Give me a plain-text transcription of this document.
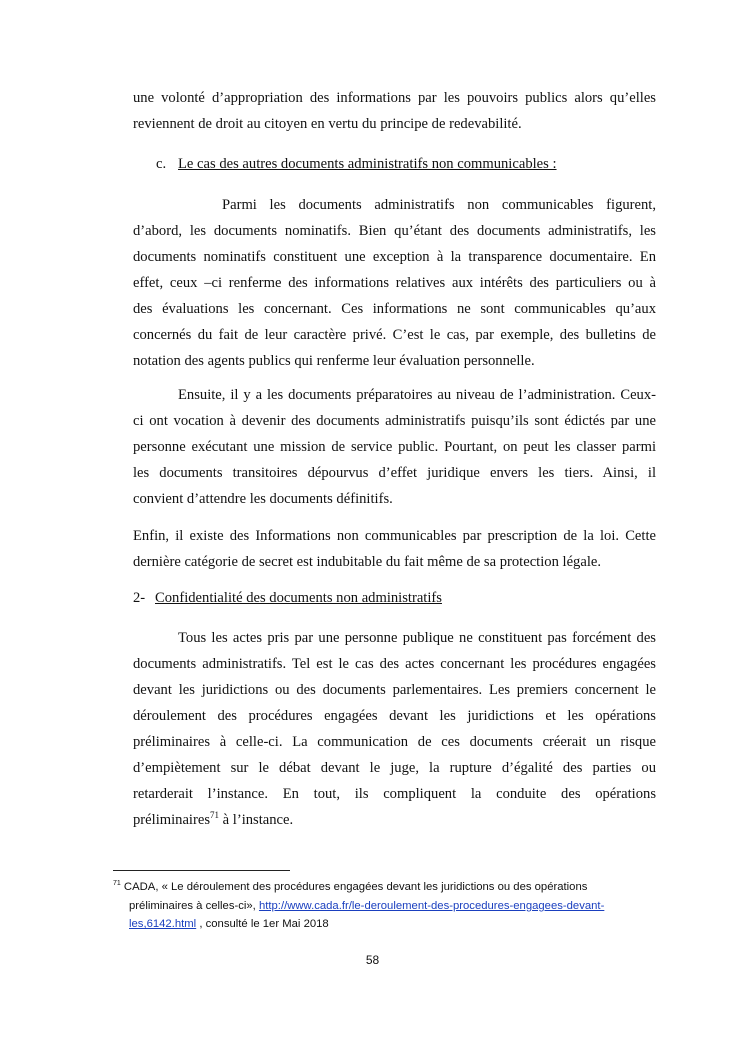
une volonté d’appropriation des informations par les pouvoirs publics alors qu’elles
reviennent de droit au citoyen en vertu du principe de redevabilité.
c. Le cas des autres documents administratifs non communicables :
Parmi les documents administratifs non communicables figurent,
d’abord, les documents nominatifs. Bien qu’étant des documents administratifs, les
documents nominatifs constituent une exception à la transparence documentaire. En
effet, ceux –ci renferme des informations relatives aux intérêts des particuliers ou à
des évaluations les concernant. Ces informations ne sont communicables qu’aux
concernés du fait de leur caractère privé. C’est le cas, par exemple, des bulletins de
notation des agents publics qui renferme leur évaluation personnelle.
Ensuite, il y a les documents préparatoires au niveau de l’administration. Ceux-
ci ont vocation à devenir des documents administratifs puisqu’ils sont édictés par une
personne exécutant une mission de service public. Pourtant, on peut les classer parmi
les documents transitoires dépourvus d’effet juridique envers les tiers. Ainsi, il
convient d’attendre les documents définitifs.
Enfin, il existe des Informations non communicables par prescription de la loi. Cette
dernière catégorie de secret est indubitable du fait même de sa protection légale.
2- Confidentialité des documents non administratifs
Tous les actes pris par une personne publique ne constituent pas forcément des
documents administratifs. Tel est le cas des actes concernant les procédures engagées
devant les juridictions ou des documents parlementaires. Les premiers concernent le
déroulement des procédures engagées devant les juridictions et les opérations
préliminaires à celle-ci. La communication de ces documents créerait un risque
d’empiètement sur le débat devant le juge, la rupture d’égalité des parties ou
retarderait l’instance. En tout, ils compliquent la conduite des opérations
préliminaires$^{71}$ à l’instance.
$^{71}$ CADA, « Le déroulement des procédures engagées devant les juridictions ou des opérations
préliminaires à celles-ci», http://www.cada.fr/le-deroulement-des-procedures-engagees-devant-
les,6142.html , consulté le 1er Mai 2018
58
